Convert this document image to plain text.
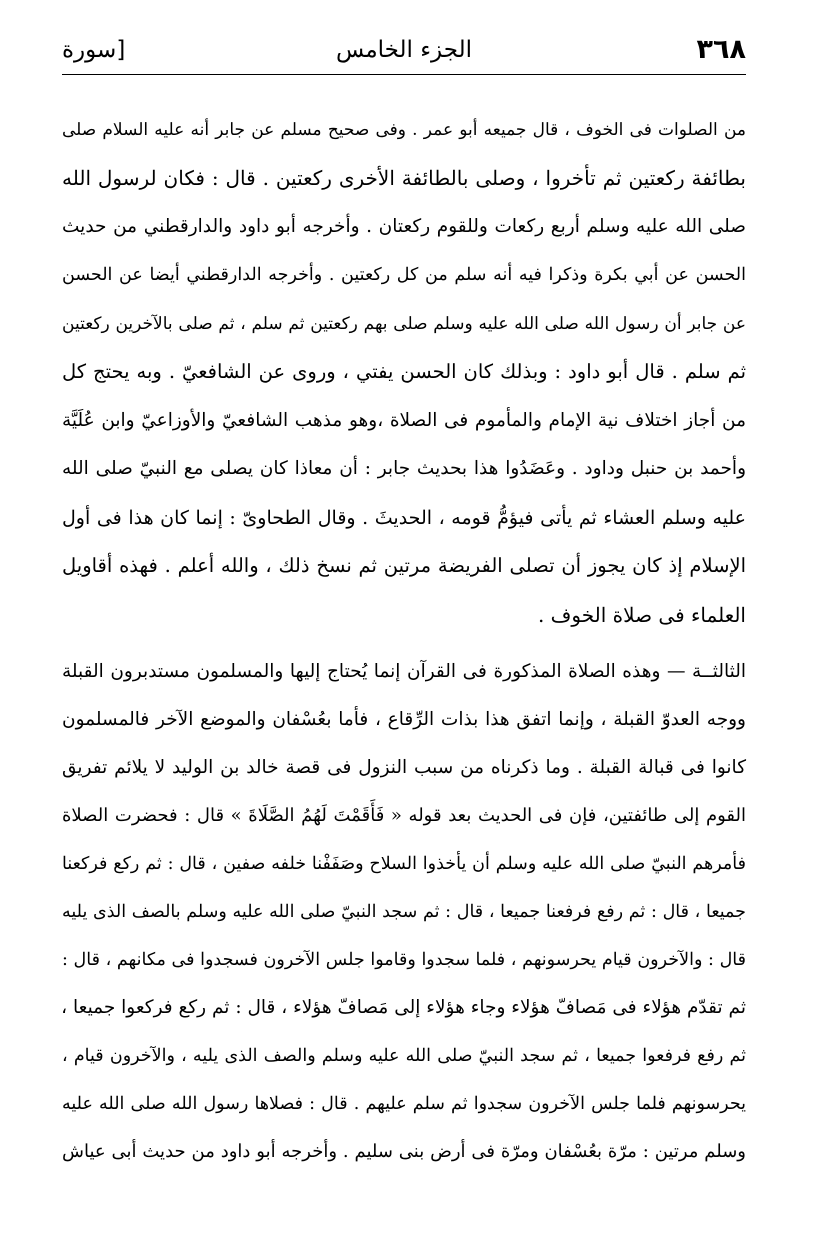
٣٦٨
الجزء الخامس
[سورة
من الصلوات فى الخوف ، قال جميعه أبو عمر . وفى صحيح مسلم عن جابر أنه عليه السلام صلى
بطائفة ركعتين ثم تأخروا ، وصلى بالطائفة الأخرى ركعتين . قال : فكان لرسول الله
صلى الله عليه وسلم أربع ركعات وللقوم ركعتان . وأخرجه أبو داود والدارقطني من حديث
الحسن عن أبي بكرة وذكرا فيه أنه سلم من كل ركعتين . وأخرجه الدارقطني أيضا عن الحسن
عن جابر أن رسول الله صلى الله عليه وسلم صلى بهم ركعتين ثم سلم ، ثم صلى بالآخرين ركعتين
ثم سلم . قال أبو داود : وبذلك كان الحسن يفتي ، وروى عن الشافعيّ . وبه يحتج كل
من أجاز اختلاف نية الإمام والمأموم فى الصلاة ،وهو مذهب الشافعيّ والأوزاعيّ وابن عُلَيَّة
وأحمد بن حنبل وداود . وعَضَدُوا هذا بحديث جابر : أن معاذا كان يصلى مع النبيّ صلى الله
عليه وسلم العشاء ثم يأتى فيؤمُّ قومه ، الحديثَ . وقال الطحاوىّ : إنما كان هذا فى أول
الإسلام إذ كان يجوز أن تصلى الفريضة مرتين ثم نسخ ذلك ، والله أعلم . فهذه أقاويل
العلماء فى صلاة الخوف .
الثالثــة — وهذه الصلاة المذكورة فى القرآن إنما يُحتاج إليها والمسلمون مستدبرون القبلة
ووجه العدوّ القبلة ، وإنما اتفق هذا بذات الرِّقاع ، فأما بعُسْفان والموضع الآخر فالمسلمون
كانوا فى قبالة القبلة . وما ذكرناه من سبب النزول فى قصة خالد بن الوليد لا يلائم تفريق
القوم إلى طائفتين، فإن فى الحديث بعد قوله « فَأَقَمْتَ لَهُمُ الصَّلَاةَ » قال : فحضرت الصلاة
فأمرهم النبيّ صلى الله عليه وسلم أن يأخذوا السلاح وصَفَفْنا خلفه صفين ، قال : ثم ركع فركعنا
جميعا ، قال : ثم رفع فرفعنا جميعا ، قال : ثم سجد النبيّ صلى الله عليه وسلم بالصف الذى يليه
قال : والآخرون قيام يحرسونهم ، فلما سجدوا وقاموا جلس الآخرون فسجدوا فى مكانهم ، قال :
ثم تقدّم هؤلاء فى مَصافّ هؤلاء وجاء هؤلاء إلى مَصافّ هؤلاء ، قال : ثم ركع فركعوا جميعا ،
ثم رفع فرفعوا جميعا ، ثم سجد النبيّ صلى الله عليه وسلم والصف الذى يليه ، والآخرون قيام ،
يحرسونهم فلما جلس الآخرون سجدوا ثم سلم عليهم . قال : فصلاها رسول الله صلى الله عليه
وسلم مرتين : مرّة بعُسْفان ومرّة فى أرض بنى سليم . وأخرجه أبو داود من حديث أبى عياش
